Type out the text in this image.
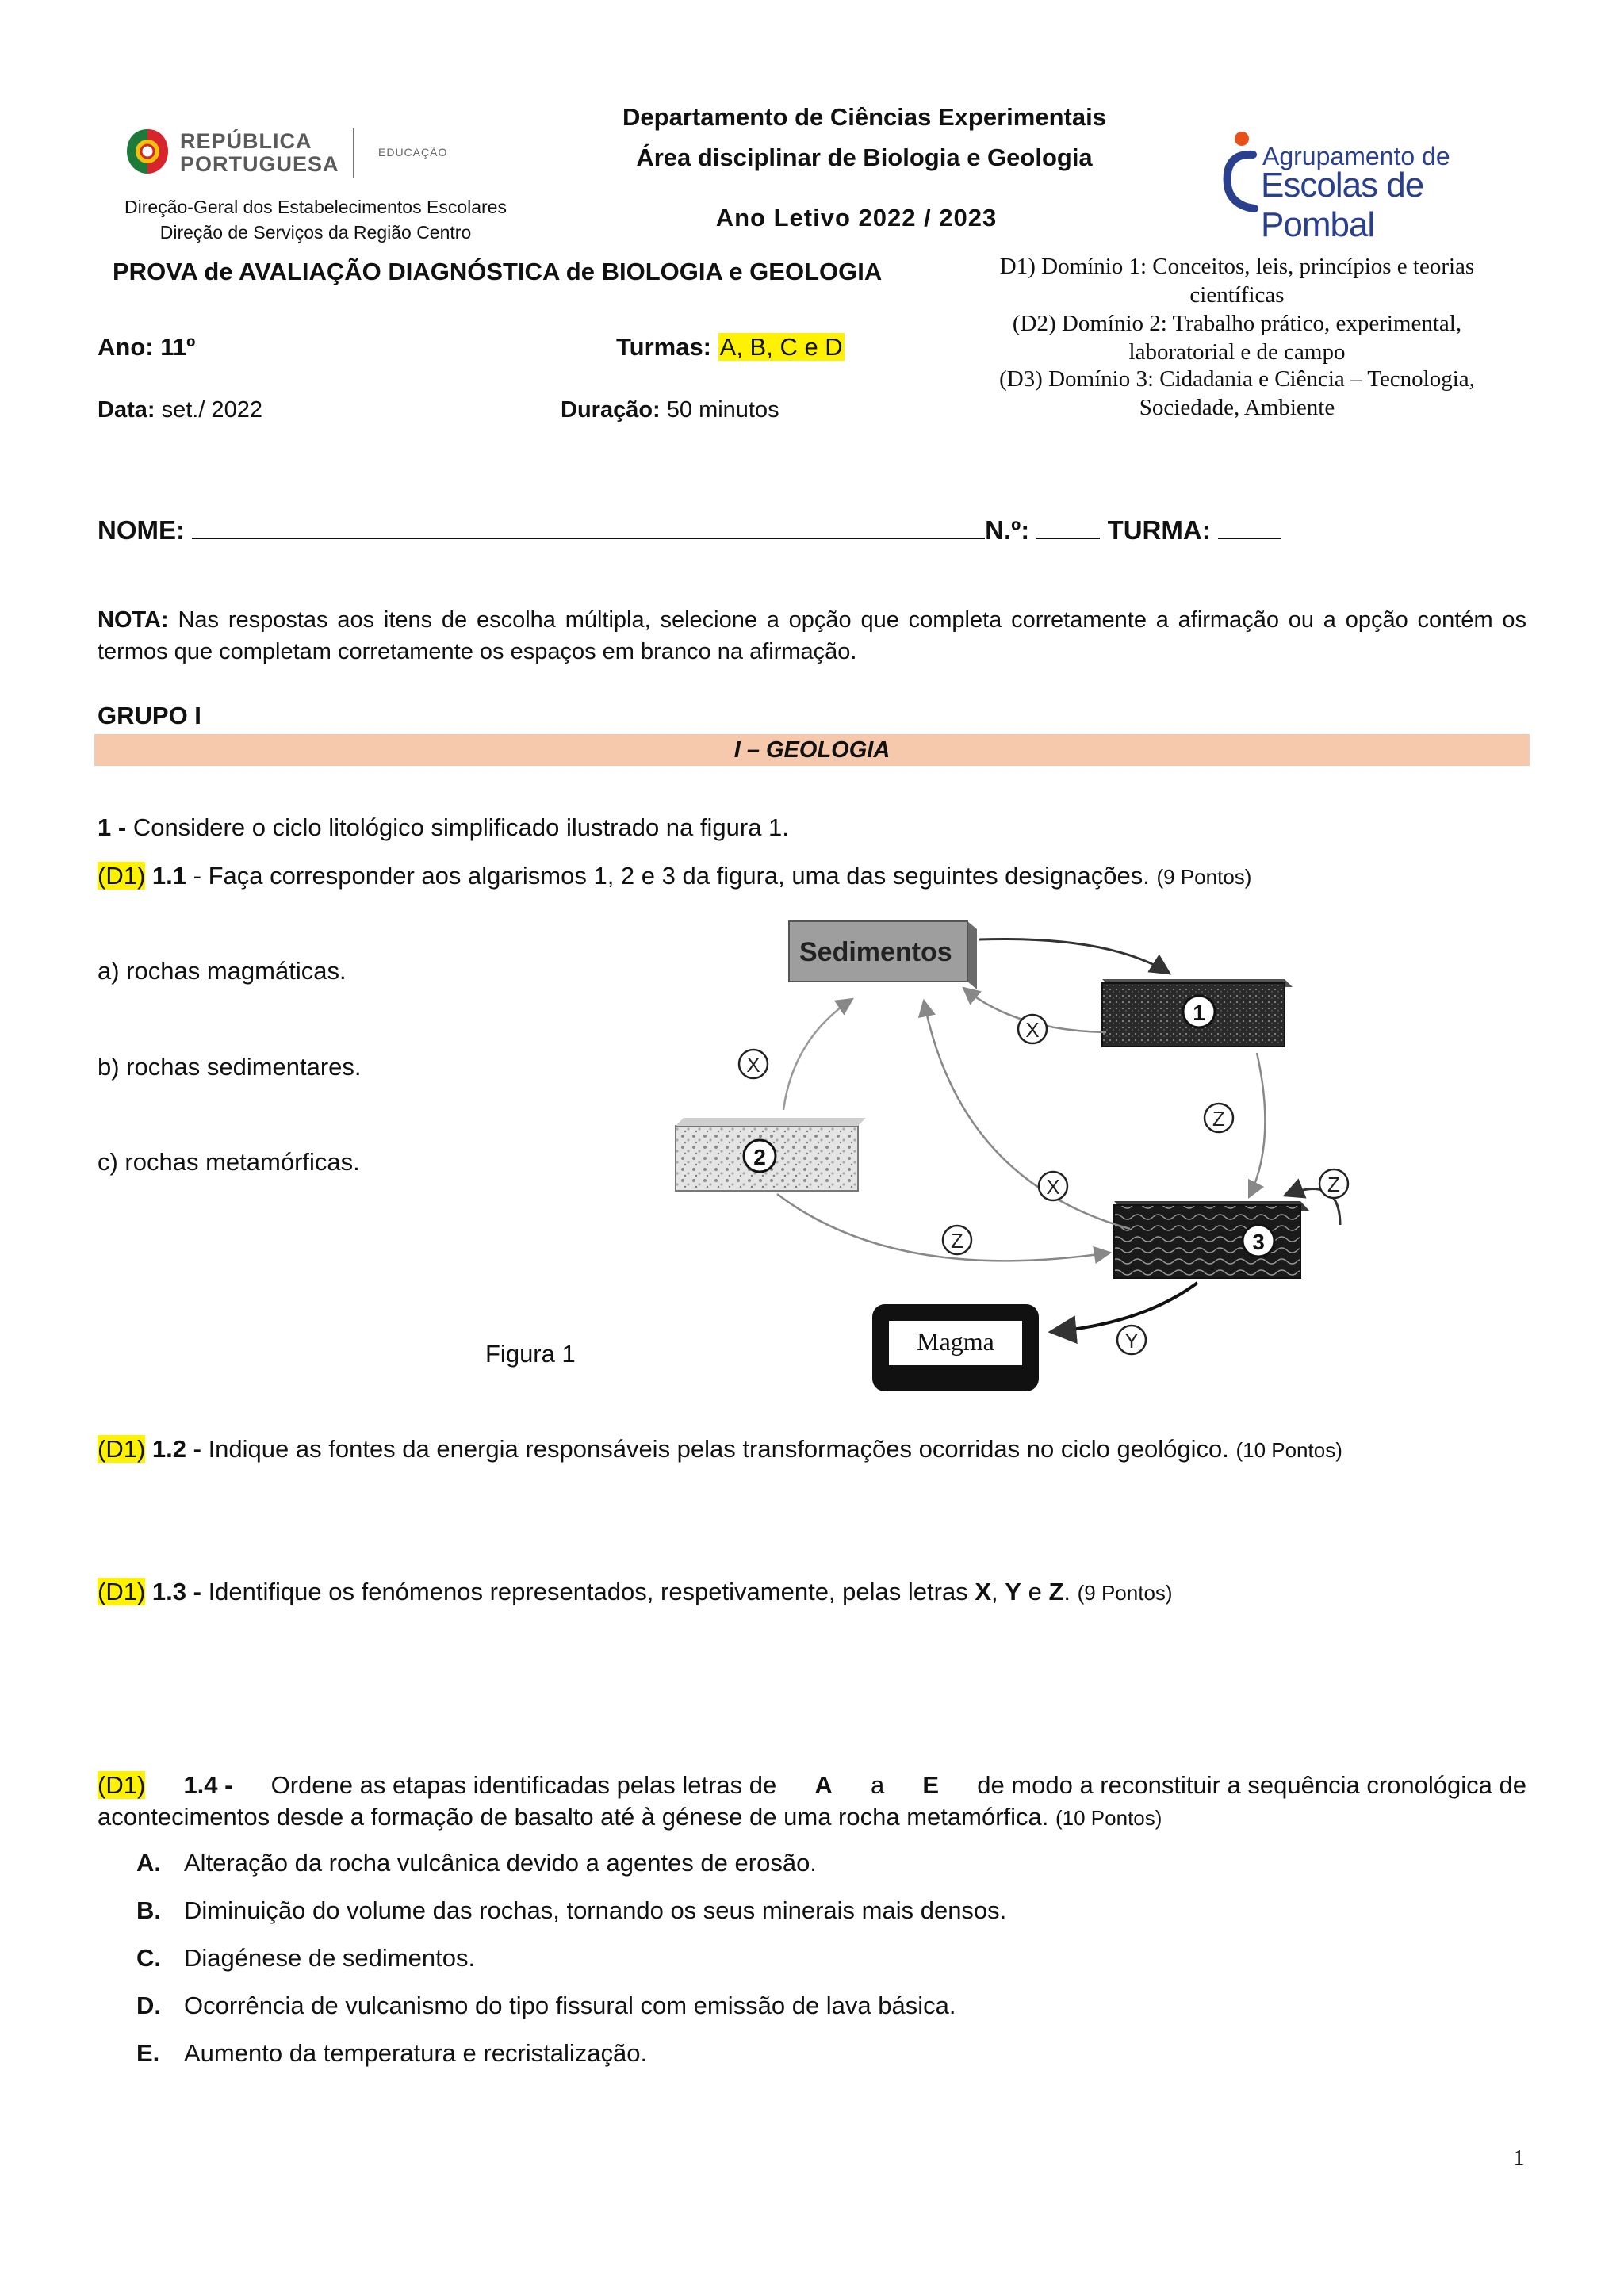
REPÚBLICA
PORTUGUESA	EDUCAÇÃO
Direção-Geral dos Estabelecimentos Escolares
Direção de Serviços da Região Centro
Departamento de Ciências Experimentais
Área disciplinar de Biologia e Geologia
Ano Letivo 2022 / 2023
Agrupamento de
Escolas de Pombal
PROVA de AVALIAÇÃO DIAGNÓSTICA de BIOLOGIA e GEOLOGIA	D1) Domínio 1: Conceitos, leis, princípios e teorias científicas
(D2) Domínio 2: Trabalho prático, experimental, laboratorial e de campo
(D3) Domínio 3: Cidadania e Ciência – Tecnologia, Sociedade, Ambiente
Ano: 11º	Turmas: A, B, C e D
Data: set./ 2022	Duração: 50 minutos
NOME:	N.º:	TURMA:
NOTA: Nas respostas aos itens de escolha múltipla, selecione a opção que completa corretamente a afirmação ou a opção contém os termos que completam corretamente os espaços em branco na afirmação.
GRUPO I
I – GEOLOGIA
1 - Considere o ciclo litológico simplificado ilustrado na figura 1.
(D1) 1.1 - Faça corresponder aos algarismos 1, 2 e 3 da figura, uma das seguintes designações. (9 Pontos)
a) rochas magmáticas.
b) rochas sedimentares.
c) rochas metamórficas.
Sedimentos
1
2
3
Magma
X
X
X
Z
Z
Z
Y
Figura 1
(D1) 1.2 - Indique as fontes da energia responsáveis pelas transformações ocorridas no ciclo geológico. (10 Pontos)
(D1) 1.3 - Identifique os fenómenos representados, respetivamente, pelas letras X, Y e Z. (9 Pontos)
(D1) 1.4 - Ordene as etapas identificadas pelas letras de A a E de modo a reconstituir a sequência cronológica de
acontecimentos desde a formação de basalto até à génese de uma rocha metamórfica. (10 Pontos)
A. Alteração da rocha vulcânica devido a agentes de erosão.
B. Diminuição do volume das rochas, tornando os seus minerais mais densos.
C. Diagénese de sedimentos.
D. Ocorrência de vulcanismo do tipo fissural com emissão de lava básica.
E. Aumento da temperatura e recristalização.
1
